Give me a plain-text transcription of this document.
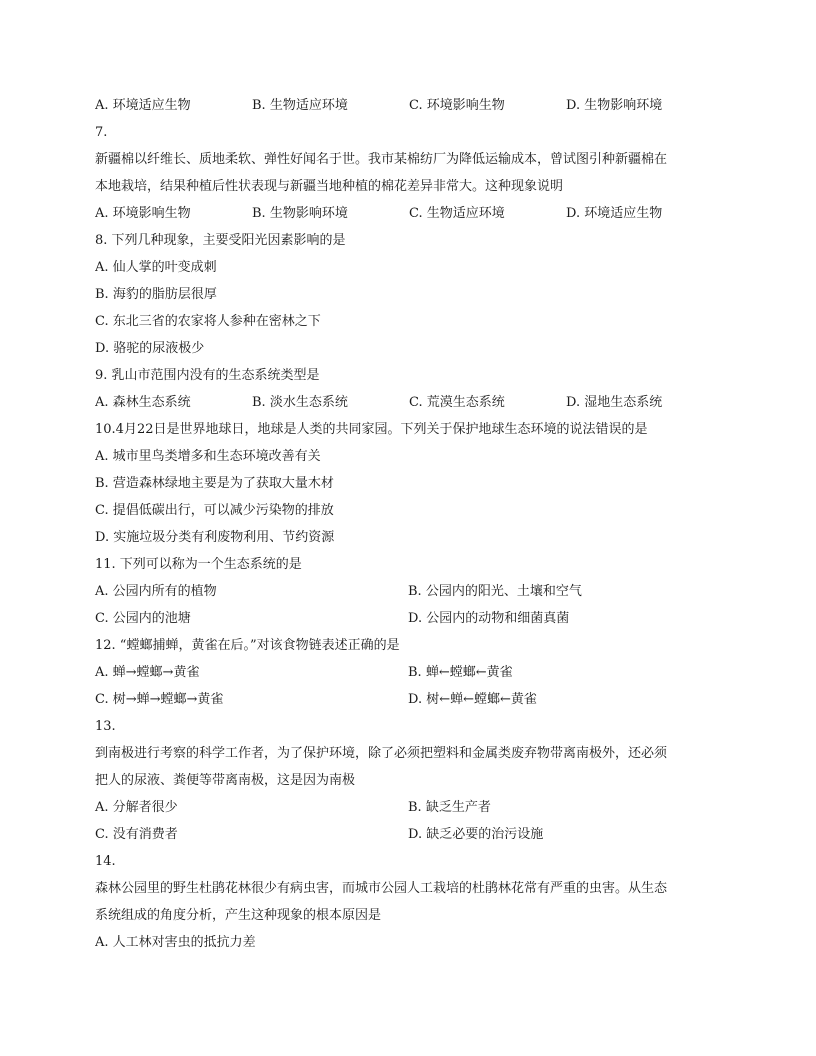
A. 环境适应生物	B. 生物适应环境	C. 环境影响生物	D. 生物影响环境
7.
新疆棉以纤维长、质地柔软、弹性好闻名于世。我市某棉纺厂为降低运输成本，曾试图引种新疆棉在
本地栽培，结果种植后性状表现与新疆当地种植的棉花差异非常大。这种现象说明
A. 环境影响生物	B. 生物影响环境	C. 生物适应环境	D. 环境适应生物
8. 下列几种现象，主要受阳光因素影响的是
A. 仙人掌的叶变成刺
B. 海豹的脂肪层很厚
C. 东北三省的农家将人参种在密林之下
D. 骆驼的尿液极少
9. 乳山市范围内没有的生态系统类型是
A. 森林生态系统	B. 淡水生态系统	C. 荒漠生态系统	D. 湿地生态系统
10.4月22日是世界地球日，地球是人类的共同家园。下列关于保护地球生态环境的说法错误的是
A. 城市里鸟类增多和生态环境改善有关
B. 营造森林绿地主要是为了获取大量木材
C. 提倡低碳出行，可以减少污染物的排放
D. 实施垃圾分类有利废物利用、节约资源
11. 下列可以称为一个生态系统的是
A. 公园内所有的植物	B. 公园内的阳光、土壤和空气
C. 公园内的池塘	D. 公园内的动物和细菌真菌
12. “螳螂捕蝉，黄雀在后。”对该食物链表述正确的是
A. 蝉→螳螂→黄雀	B. 蝉←螳螂←黄雀
C. 树→蝉→螳螂→黄雀	D. 树←蝉←螳螂←黄雀
13.
到南极进行考察的科学工作者，为了保护环境，除了必须把塑料和金属类废弃物带离南极外，还必须
把人的尿液、粪便等带离南极，这是因为南极
A. 分解者很少	B. 缺乏生产者
C. 没有消费者	D. 缺乏必要的治污设施
14.
森林公园里的野生杜鹃花林很少有病虫害，而城市公园人工栽培的杜鹃林花常有严重的虫害。从生态
系统组成的角度分析，产生这种现象的根本原因是
A. 人工林对害虫的抵抗力差
